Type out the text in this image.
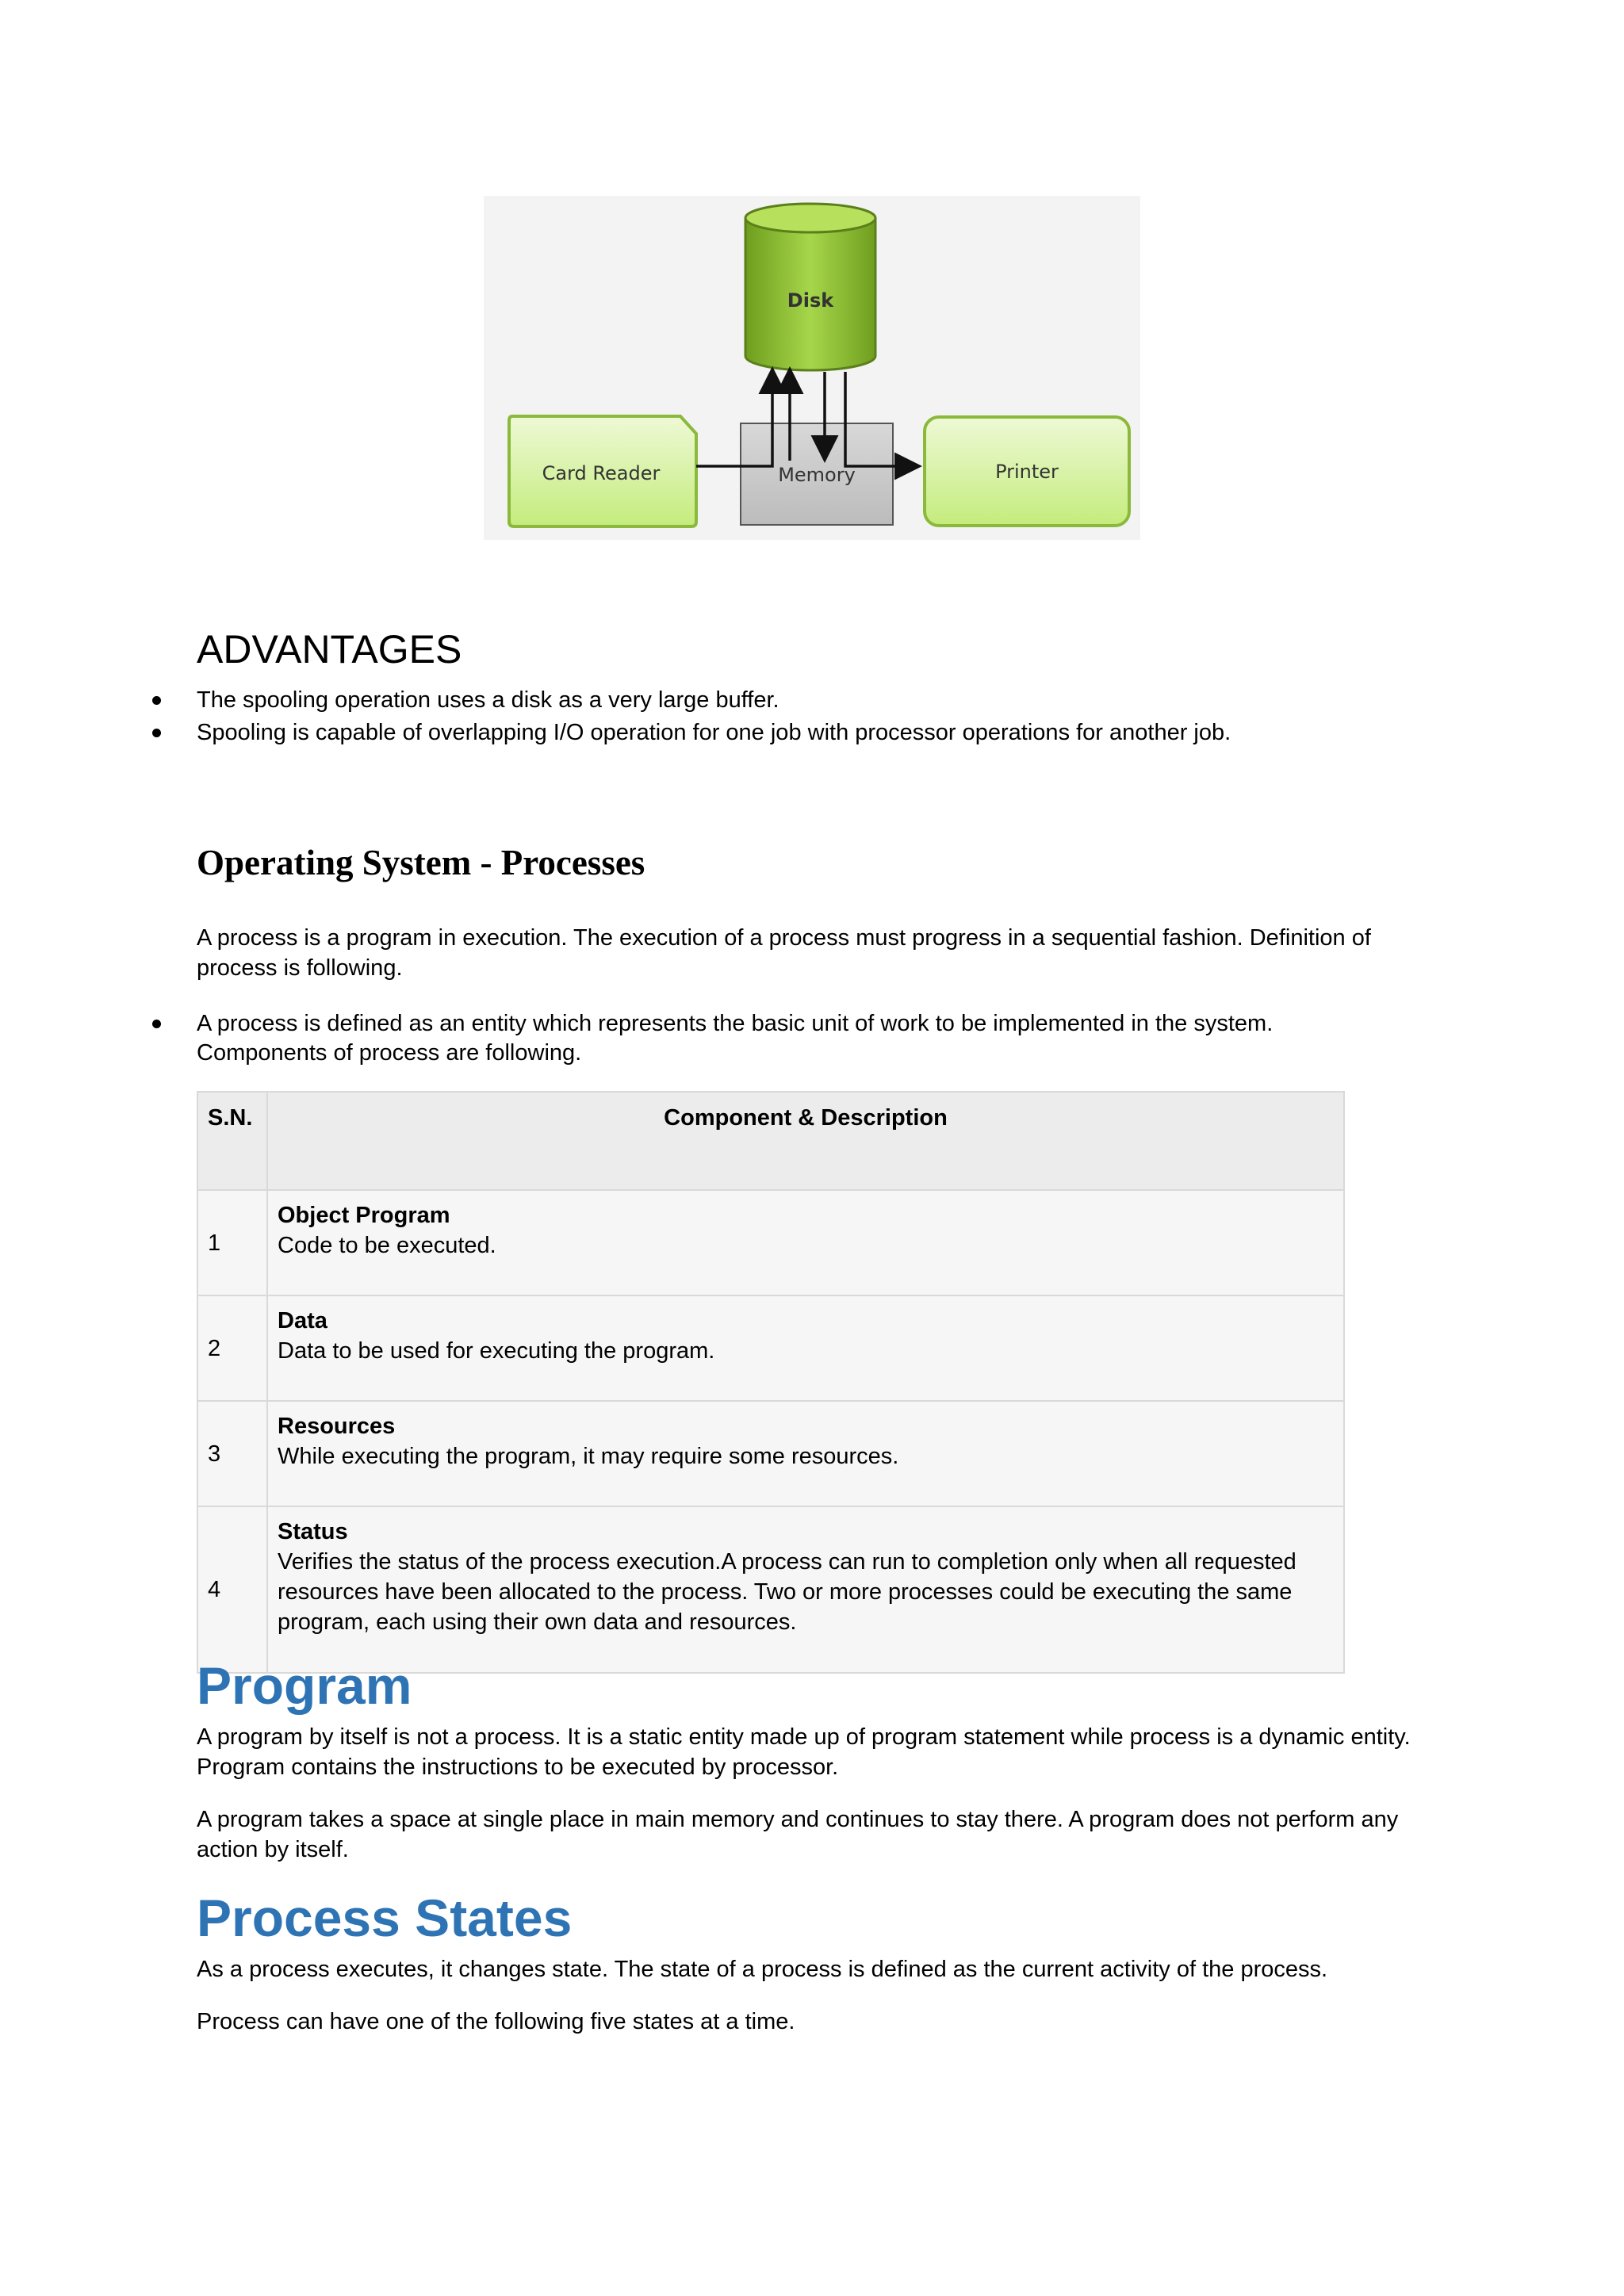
Disk
Memory
Card Reader	Printer
ADVANTAGES
The spooling operation uses a disk as a very large buffer.
Spooling is capable of overlapping I/O operation for one job with processor operations for another job.
Operating System - Processes

A process is a program in execution. The execution of a process must progress in a sequential fashion. Definition of process is following.

A process is defined as an entity which represents the basic unit of work to be implemented in the system. Components of process are following.
S.N.	Component & Description
1	Object Program
Code to be executed.
2	Data
Data to be used for executing the program.
3	Resources
While executing the program, it may require some resources.
4	Status
Verifies the status of the process execution.A process can run to completion only when all requested resources have been allocated to the process. Two or more processes could be executing the same program, each using their own data and resources.
Program

A program by itself is not a process. It is a static entity made up of program statement while process is a dynamic entity. Program contains the instructions to be executed by processor.

A program takes a space at single place in main memory and continues to stay there. A program does not perform any action by itself.

Process States

As a process executes, it changes state. The state of a process is defined as the current activity of the process.

Process can have one of the following five states at a time.
